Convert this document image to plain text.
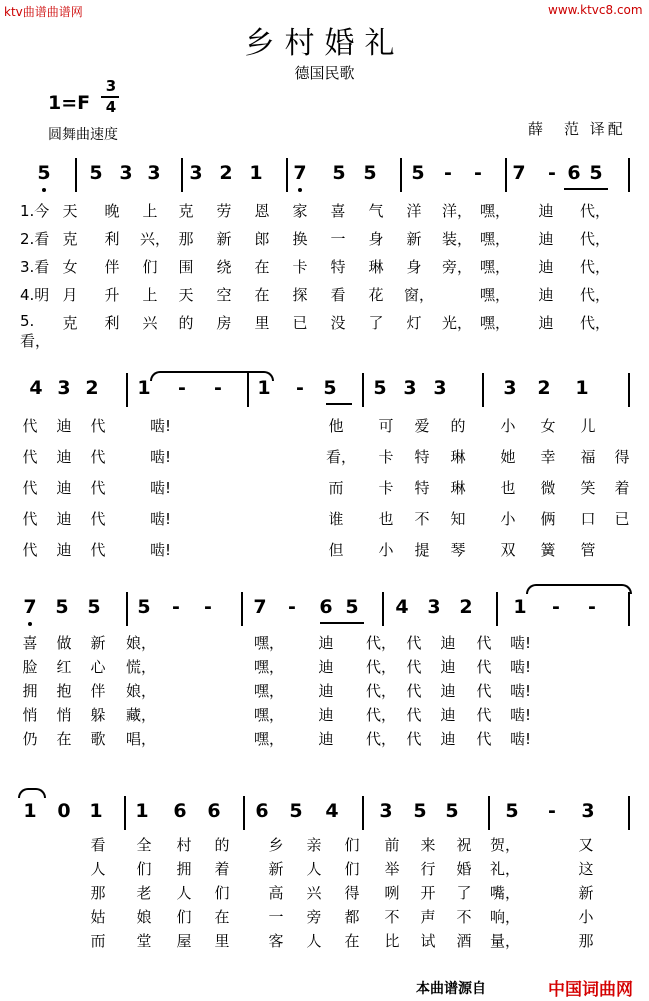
ktv曲谱曲谱网	www.ktvc8.com
乡村婚礼
德国民歌
1=F
3
4
圆舞曲速度	薛　范 译配
5 5 3 3 3 2 1 7 5 5 5 - - 7 - 6 5
1.今 天 晚 上 克 劳 恩 家 喜 气 洋 洋， 嘿，	迪 代，
2.看 克 利 兴， 那 新 郎 换 一 身 新 装， 嘿，	迪 代，
3.看 女 伴 们 围 绕 在 卡 特 琳 身 旁， 嘿，	迪 代，
4.明 月 升 上 天 空 在 探 看 花 窗，	嘿，	迪 代，
5.看，
克 利 兴 的 房 里 已 没 了 灯 光， 嘿，	迪 代，
4 3 2 1 - - 1 - 5 5 3 3	3 2 1
代 迪 代	啮!	他 可 爱 的 小 女 儿
代 迪 代	啮!	看，	卡 特 琳 她 幸 福 得
代 迪 代	啮!	而 卡 特 琳 也 微 笑 着
代 迪 代	啮!	谁 也 不 知 小 俩 口 已
代 迪 代	啮!	但 小 提 琴 双 簧 管
7 5 5 5 - - 7 - 6 5 4 3 2 1 - -
喜 做 新 娘，	嘿，	迪 代， 代 迪 代 啮!
脸 红 心 慌，	嘿，	迪 代， 代 迪 代 啮!
拥 抱 伴 娘，	嘿，	迪 代， 代 迪 代 啮!
悄 悄 躲 藏，	嘿，	迪 代， 代 迪 代 啮!
仍 在 歌 唱，	嘿，	迪 代， 代 迪 代 啮!
1 0 1 1 6 6 6 5 4 3 5 5 5 - 3
看 全 村 的	乡 亲 们 前 来 祝 贺，	又
人 们 拥 着	新 人 们 举 行 婚 礼，	这
那 老 人 们	高 兴 得 咧 开 了 嘴，	新
姑 娘 们 在	一 旁 都 不 声 不 响，	小
而 堂 屋 里	客 人 在 比 试 酒 量，	那
本曲谱源自	中国词曲网
